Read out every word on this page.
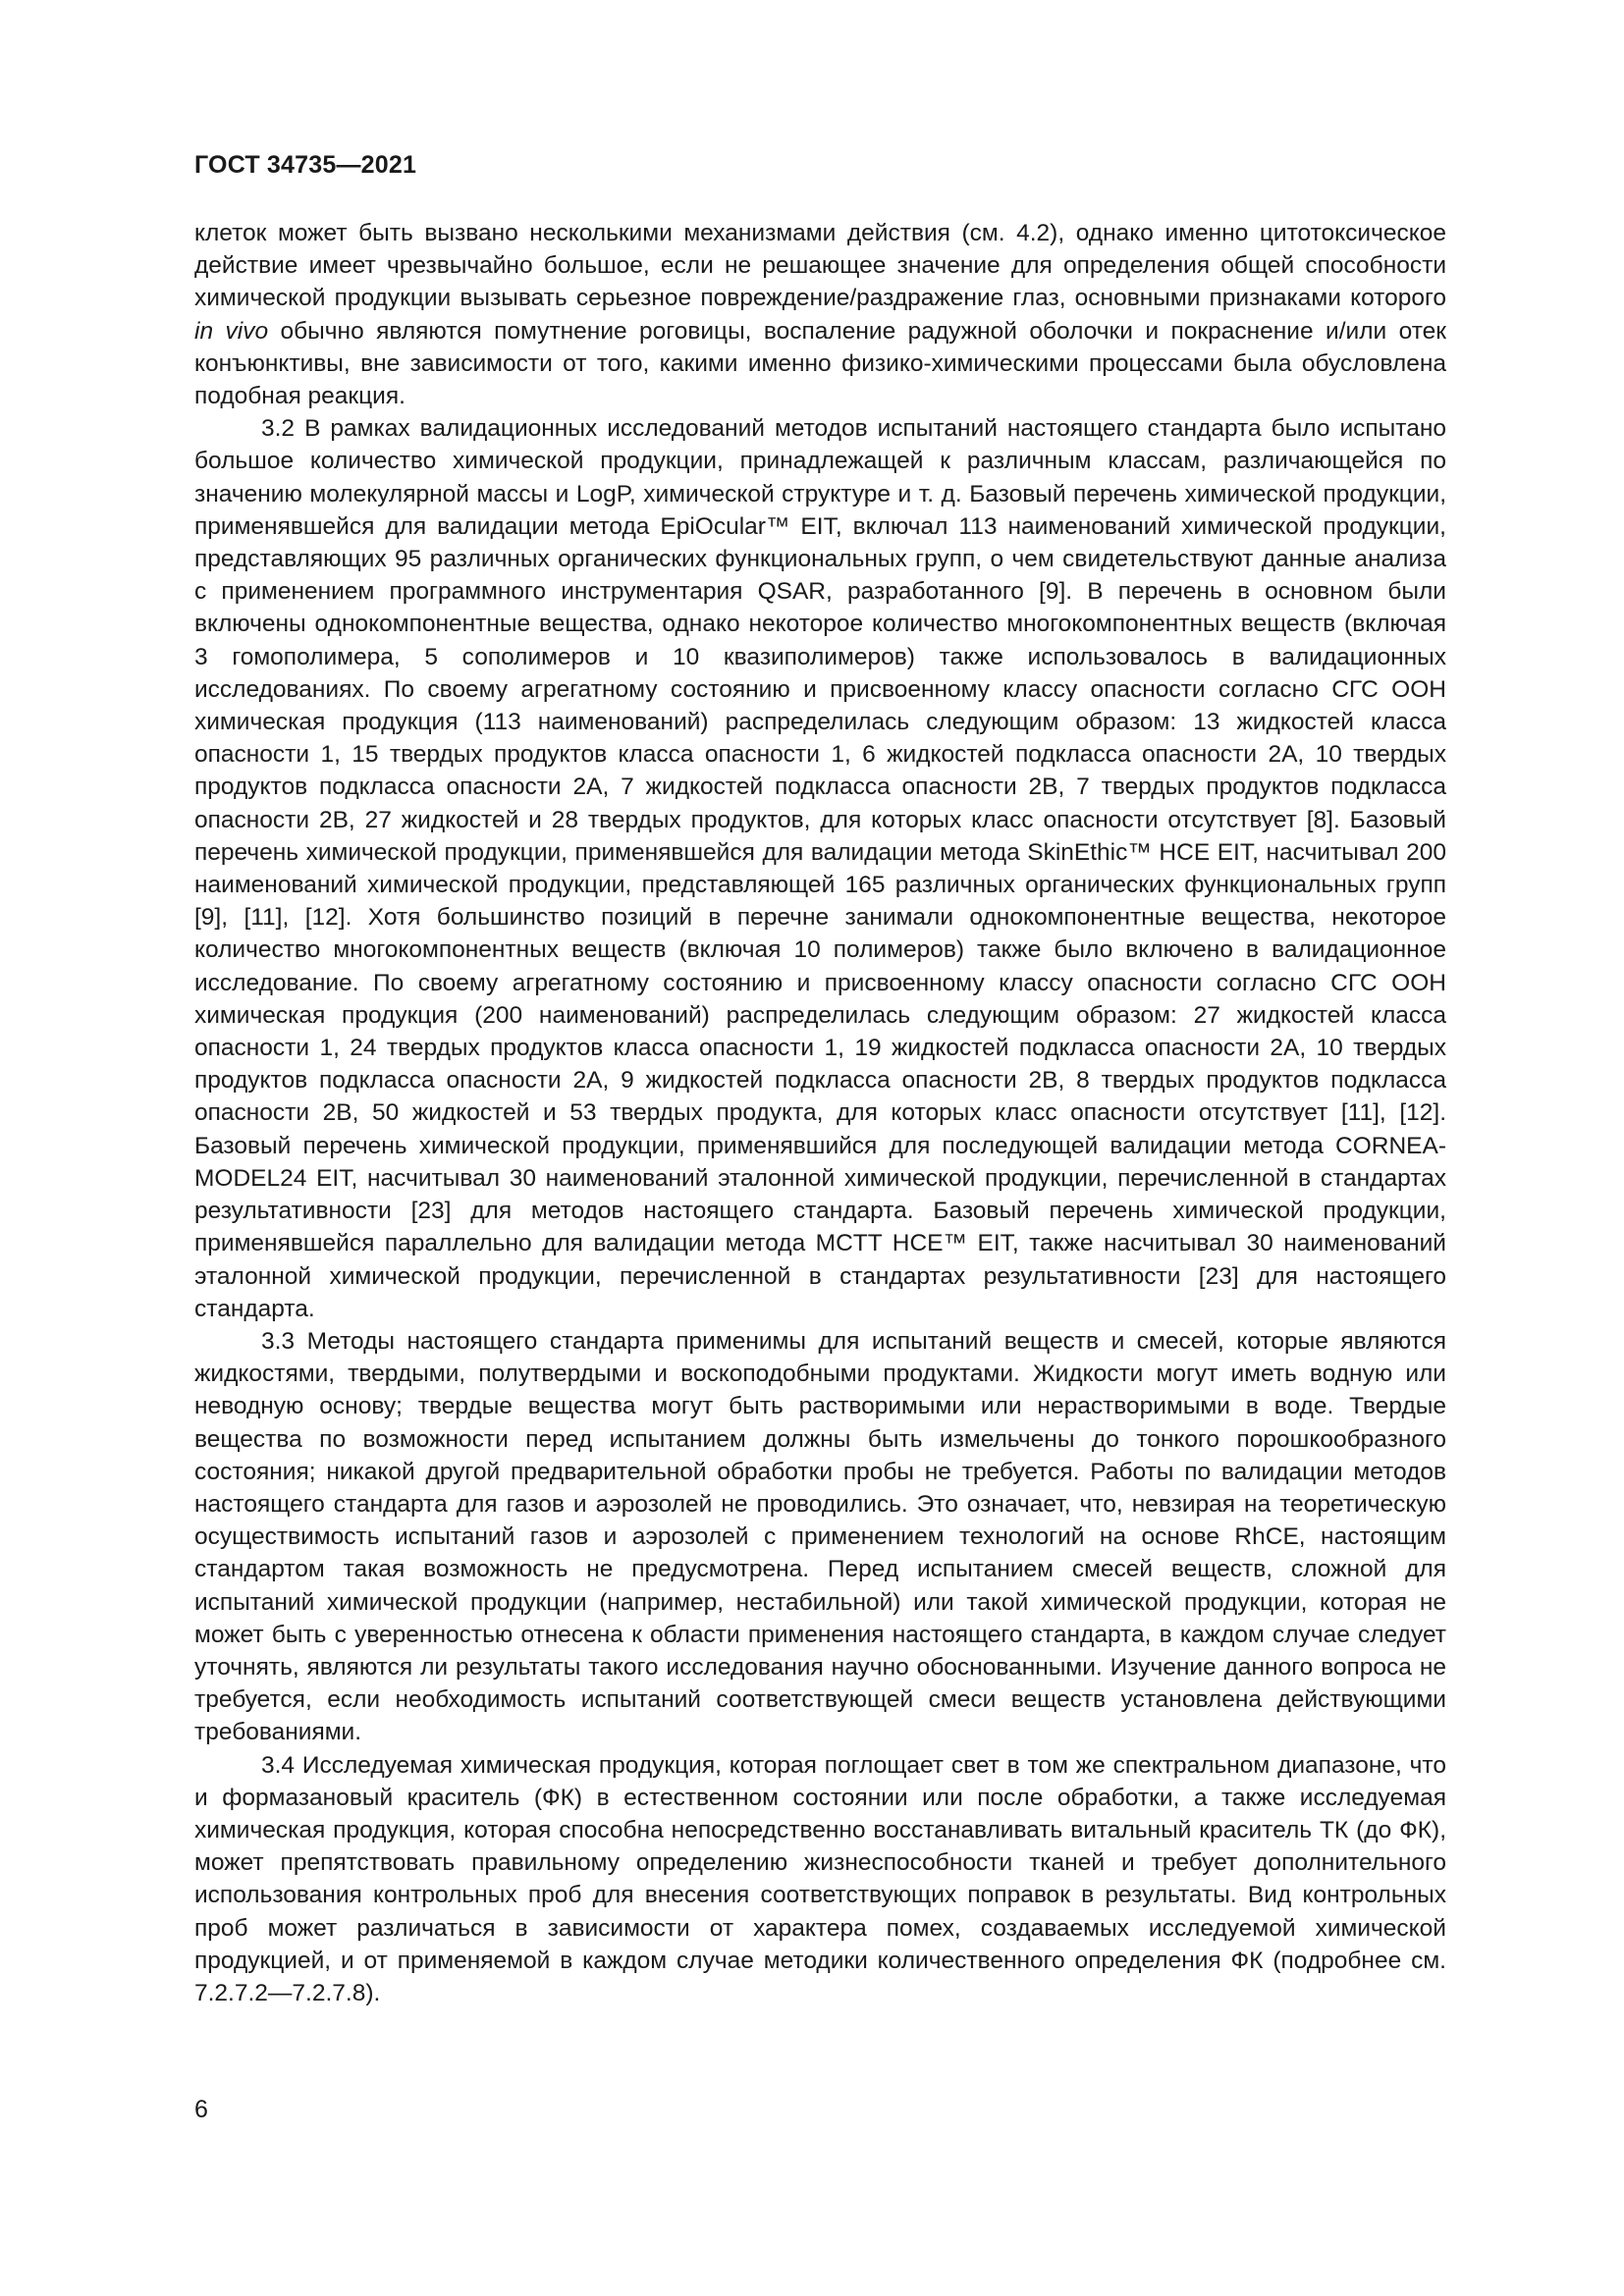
ГОСТ 34735—2021

клеток может быть вызвано несколькими механизмами действия (см. 4.2), однако именно цитотоксическое действие имеет чрезвычайно большое, если не решающее значение для определения общей способности химической продукции вызывать серьезное повреждение/раздражение глаз, основными признаками которого in vivo обычно являются помутнение роговицы, воспаление радужной оболочки и покраснение и/или отек конъюнктивы, вне зависимости от того, какими именно физико-химическими процессами была обусловлена подобная реакция.

3.2 В рамках валидационных исследований методов испытаний настоящего стандарта было испытано большое количество химической продукции, принадлежащей к различным классам, различающейся по значению молекулярной массы и LogP, химической структуре и т. д. Базовый перечень химической продукции, применявшейся для валидации метода EpiOcular™ EIT, включал 113 наименований химической продукции, представляющих 95 различных органических функциональных групп, о чем свидетельствуют данные анализа с применением программного инструментария QSAR, разработанного [9]. В перечень в основном были включены однокомпонентные вещества, однако некоторое количество многокомпонентных веществ (включая 3 гомополимера, 5 сополимеров и 10 квазиполимеров) также использовалось в валидационных исследованиях. По своему агрегатному состоянию и присвоенному классу опасности согласно СГС ООН химическая продукция (113 наименований) распределилась следующим образом: 13 жидкостей класса опасности 1, 15 твердых продуктов класса опасности 1, 6 жидкостей подкласса опасности 2A, 10 твердых продуктов подкласса опасности 2A, 7 жидкостей подкласса опасности 2B, 7 твердых продуктов подкласса опасности 2B, 27 жидкостей и 28 твердых продуктов, для которых класс опасности отсутствует [8]. Базовый перечень химической продукции, применявшейся для валидации метода SkinEthic™ HCE EIT, насчитывал 200 наименований химической продукции, представляющей 165 различных органических функциональных групп [9], [11], [12]. Хотя большинство позиций в перечне занимали однокомпонентные вещества, некоторое количество многокомпонентных веществ (включая 10 полимеров) также было включено в валидационное исследование. По своему агрегатному состоянию и присвоенному классу опасности согласно СГС ООН химическая продукция (200 наименований) распределилась следующим образом: 27 жидкостей класса опасности 1, 24 твердых продуктов класса опасности 1, 19 жидкостей подкласса опасности 2A, 10 твердых продуктов подкласса опасности 2A, 9 жидкостей подкласса опасности 2B, 8 твердых продуктов подкласса опасности 2B, 50 жидкостей и 53 твердых продукта, для которых класс опасности отсутствует [11], [12]. Базовый перечень химической продукции, применявшийся для последующей валидации метода CORNEA-MODEL24 EIT, насчитывал 30 наименований эталонной химической продукции, перечисленной в стандартах результативности [23] для методов настоящего стандарта. Базовый перечень химической продукции, применявшейся параллельно для валидации метода MCTT HCE™ EIT, также насчитывал 30 наименований эталонной химической продукции, перечисленной в стандартах результативности [23] для настоящего стандарта.

3.3 Методы настоящего стандарта применимы для испытаний веществ и смесей, которые являются жидкостями, твердыми, полутвердыми и воскоподобными продуктами. Жидкости могут иметь водную или неводную основу; твердые вещества могут быть растворимыми или нерастворимыми в воде. Твердые вещества по возможности перед испытанием должны быть измельчены до тонкого порошкообразного состояния; никакой другой предварительной обработки пробы не требуется. Работы по валидации методов настоящего стандарта для газов и аэрозолей не проводились. Это означает, что, невзирая на теоретическую осуществимость испытаний газов и аэрозолей с применением технологий на основе RhCE, настоящим стандартом такая возможность не предусмотрена. Перед испытанием смесей веществ, сложной для испытаний химической продукции (например, нестабильной) или такой химической продукции, которая не может быть с уверенностью отнесена к области применения настоящего стандарта, в каждом случае следует уточнять, являются ли результаты такого исследования научно обоснованными. Изучение данного вопроса не требуется, если необходимость испытаний соответствующей смеси веществ установлена действующими требованиями.

3.4 Исследуемая химическая продукция, которая поглощает свет в том же спектральном диапазоне, что и формазановый краситель (ФК) в естественном состоянии или после обработки, а также исследуемая химическая продукция, которая способна непосредственно восстанавливать витальный краситель ТК (до ФК), может препятствовать правильному определению жизнеспособности тканей и требует дополнительного использования контрольных проб для внесения соответствующих поправок в результаты. Вид контрольных проб может различаться в зависимости от характера помех, создаваемых исследуемой химической продукцией, и от применяемой в каждом случае методики количественного определения ФК (подробнее см. 7.2.7.2—7.2.7.8).

6
